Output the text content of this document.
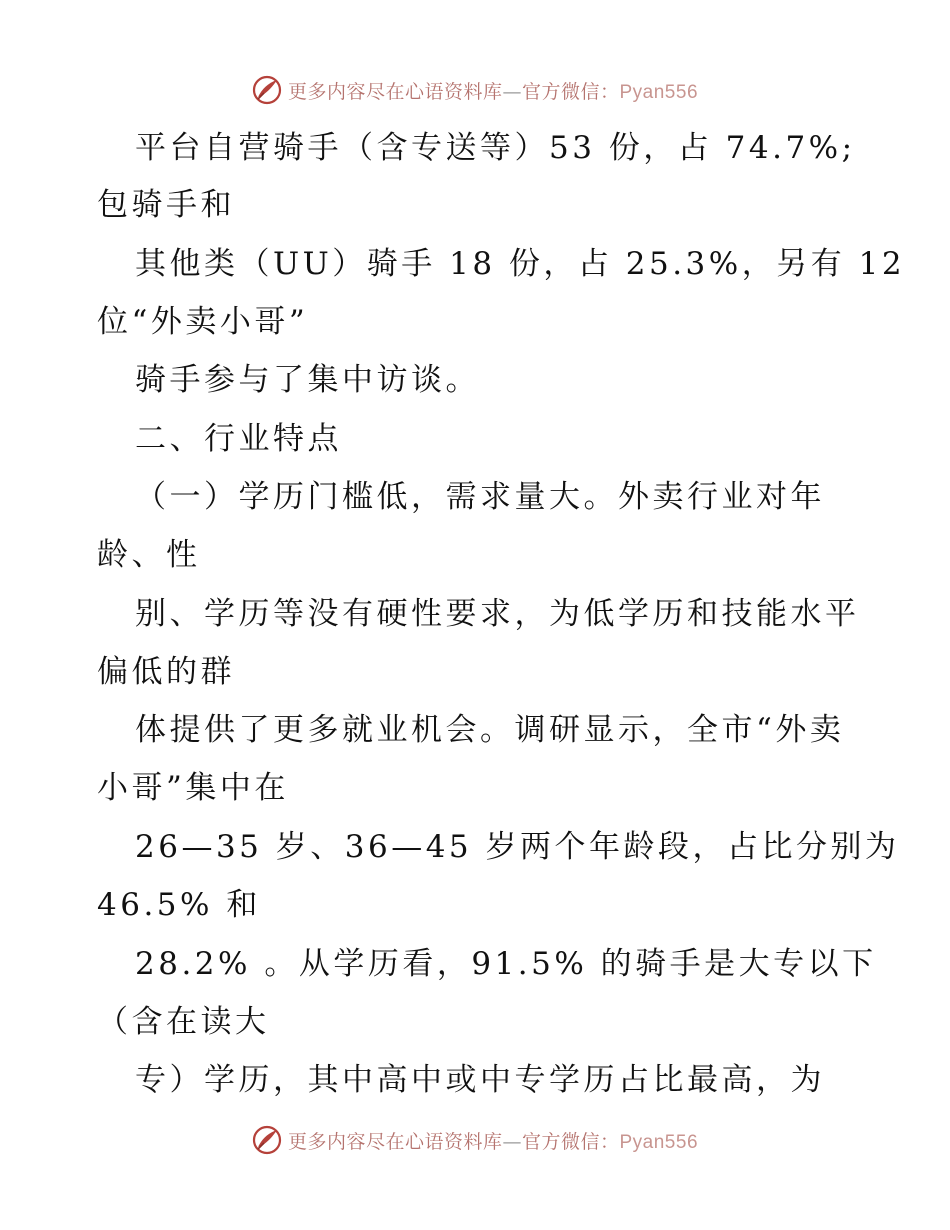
更多内容尽在心语资料库—官方微信：Pyan556
平台自营骑手（含专送等）53 份，占 74.7%;
包骑手和
其他类（UU）骑手 18 份，占 25.3%，另有 12
位“外卖小哥”
骑手参与了集中访谈。
二、行业特点
（一）学历门槛低，需求量大。外卖行业对年
龄、性
别、学历等没有硬性要求，为低学历和技能水平
偏低的群
体提供了更多就业机会。调研显示，全市“外卖
小哥”集中在
26—35 岁、36—45 岁两个年龄段，占比分别为
46.5% 和
28.2% 。从学历看，91.5% 的骑手是大专以下
（含在读大
专）学历，其中高中或中专学历占比最高，为
更多内容尽在心语资料库—官方微信：Pyan556
